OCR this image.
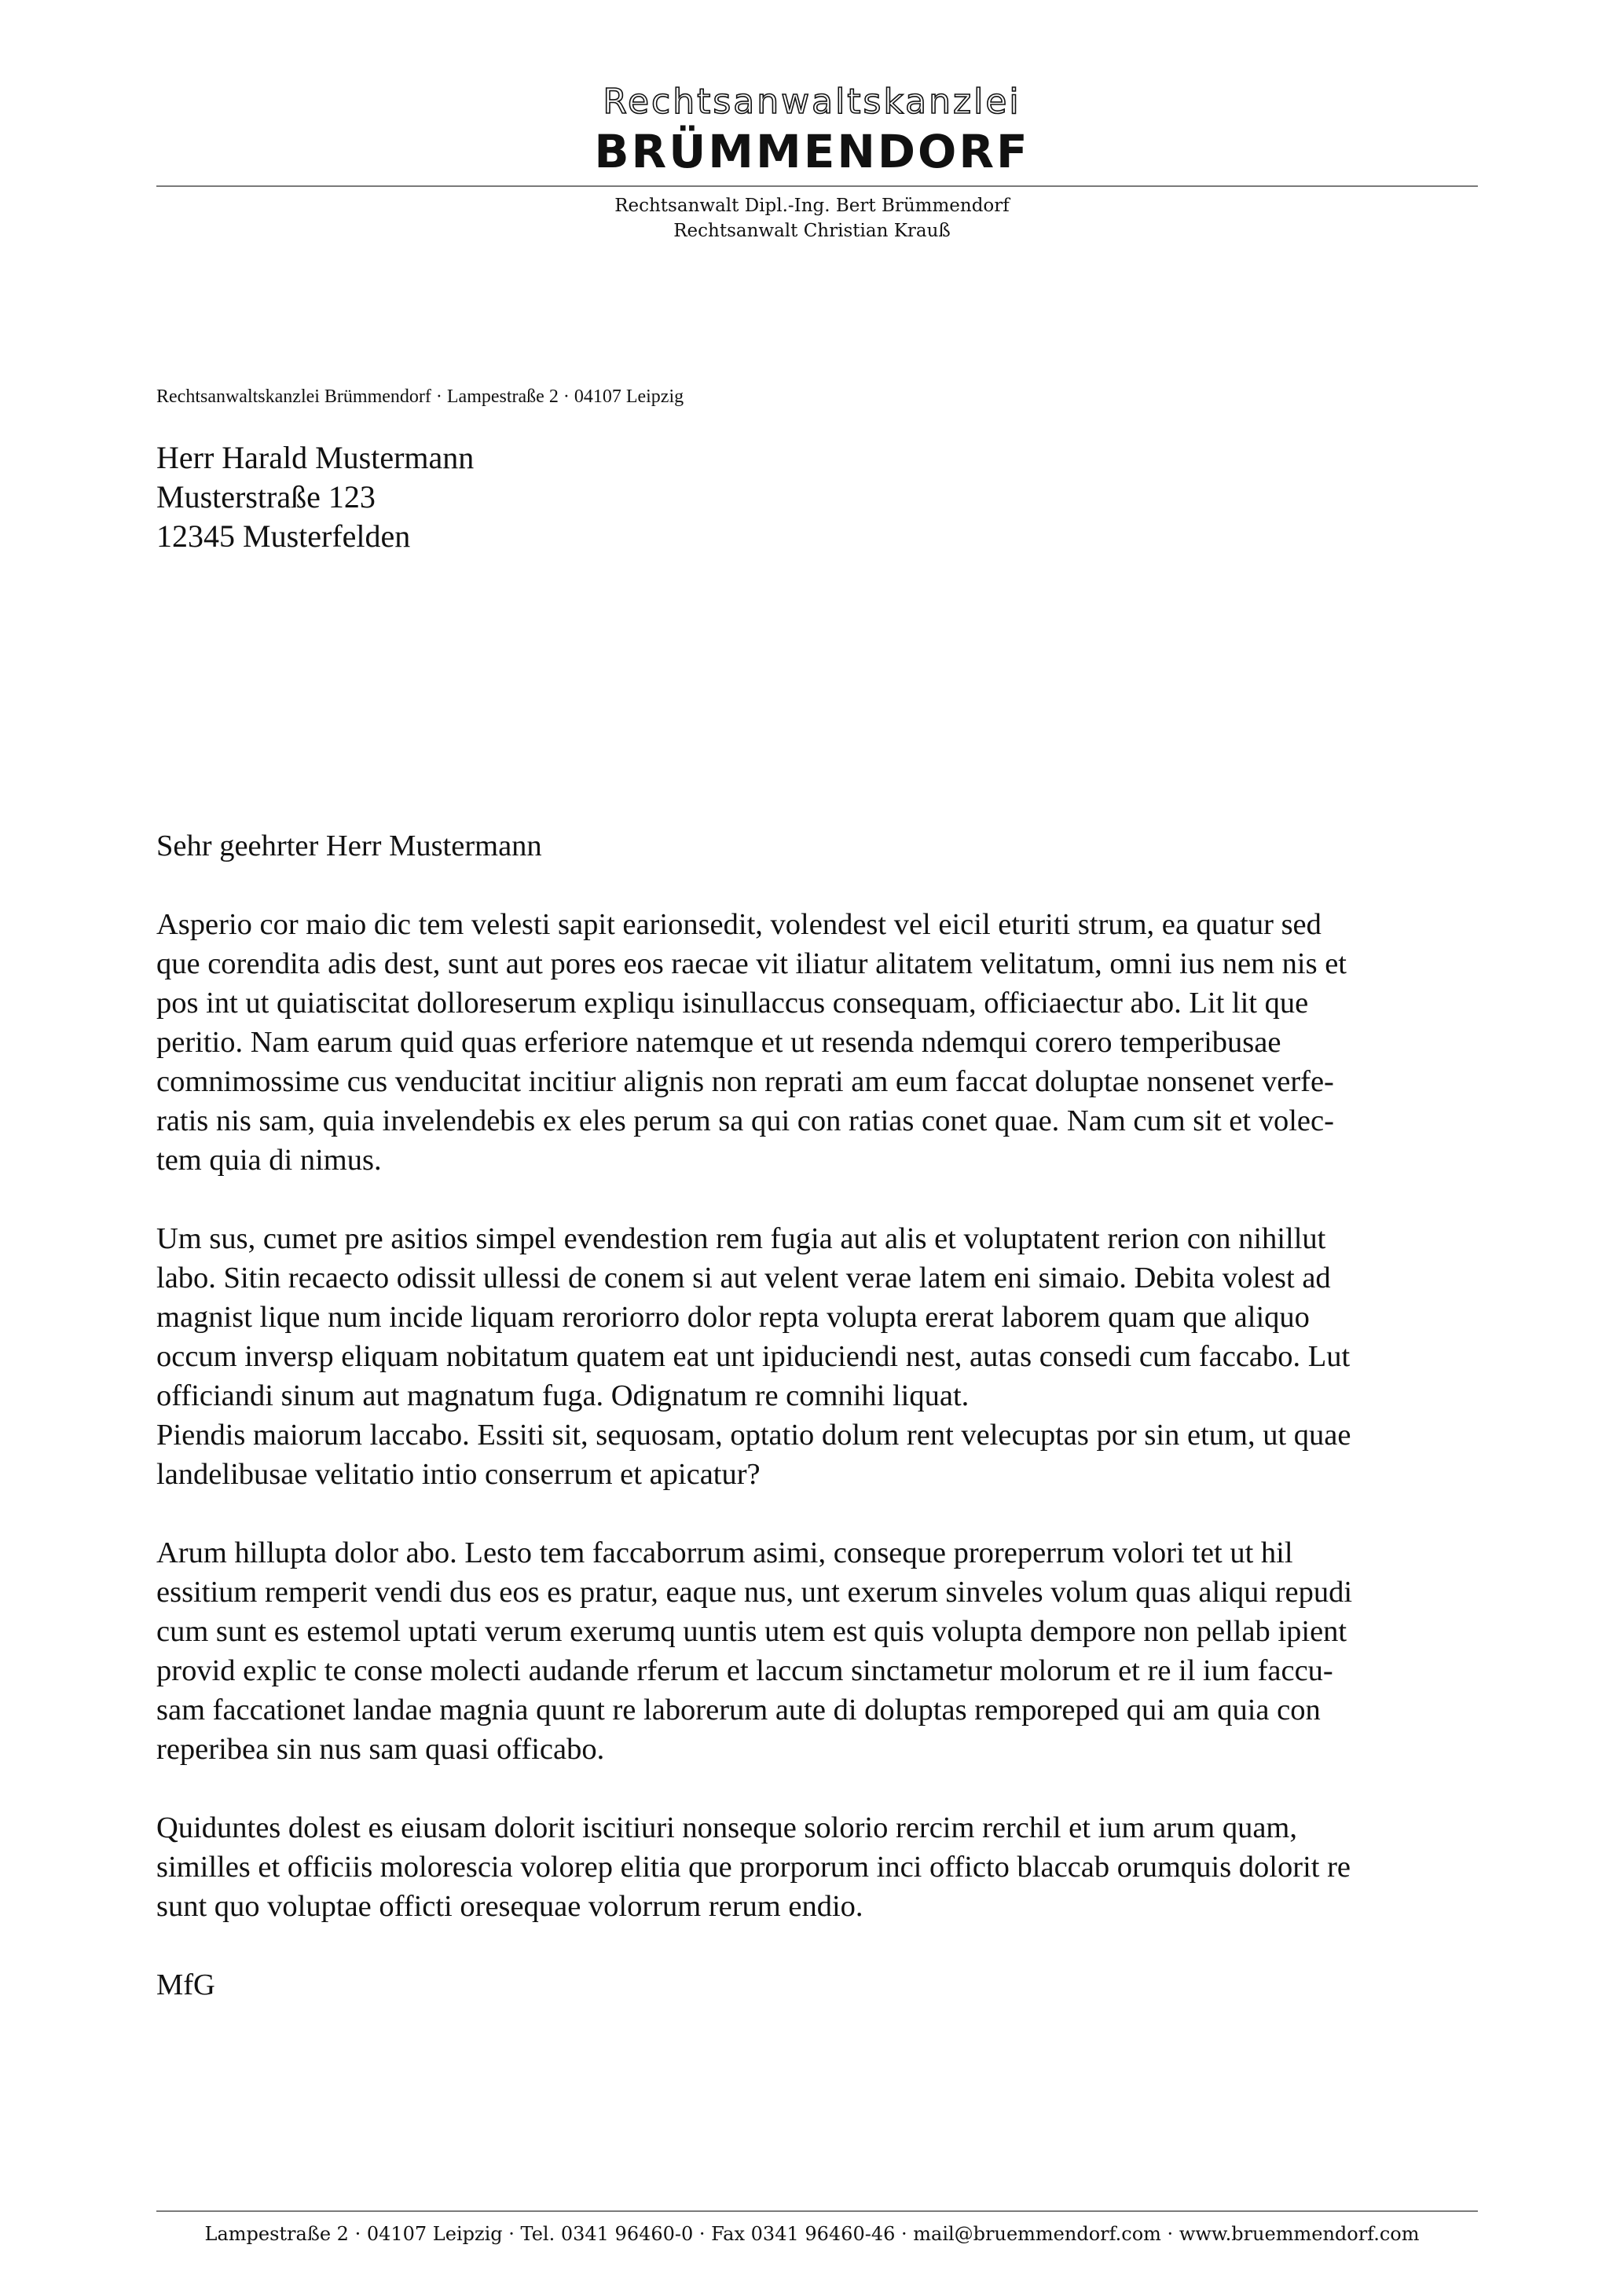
Rechtsanwaltskanzlei
BRÜMMENDORF
Rechtsanwalt Dipl.-Ing. Bert Brümmendorf
Rechtsanwalt Christian Krauß
Rechtsanwaltskanzlei Brümmendorf · Lampestraße 2 · 04107 Leipzig
Herr Harald Mustermann
Musterstraße 123
12345 Musterfelden

Sehr geehrter Herr Mustermann

Asperio cor maio dic tem velesti sapit earionsedit, volendest vel eicil eturiti strum, ea quatur sed
que corendita adis dest, sunt aut pores eos raecae vit iliatur alitatem velitatum, omni ius nem nis et
pos int ut quiatiscitat dolloreserum expliqu isinullaccus consequam, officiaectur abo. Lit lit que
peritio. Nam earum quid quas erferiore natemque et ut resenda ndemqui corero temperibusae
comnimossime cus venducitat incitiur alignis non reprati am eum faccat doluptae nonsenet verfe-
ratis nis sam, quia invelendebis ex eles perum sa qui con ratias conet quae. Nam cum sit et volec-
tem quia di nimus.

Um sus, cumet pre asitios simpel evendestion rem fugia aut alis et voluptatent rerion con nihillut
labo. Sitin recaecto odissit ullessi de conem si aut velent verae latem eni simaio. Debita volest ad
magnist lique num incide liquam reroriorro dolor repta volupta ererat laborem quam que aliquo
occum inversp eliquam nobitatum quatem eat unt ipiduciendi nest, autas consedi cum faccabo. Lut
officiandi sinum aut magnatum fuga. Odignatum re comnihi liquat.
Piendis maiorum laccabo. Essiti sit, sequosam, optatio dolum rent velecuptas por sin etum, ut quae
landelibusae velitatio intio conserrum et apicatur?

Arum hillupta dolor abo. Lesto tem faccaborrum asimi, conseque proreperrum volori tet ut hil
essitium remperit vendi dus eos es pratur, eaque nus, unt exerum sinveles volum quas aliqui repudi
cum sunt es estemol uptati verum exerumq uuntis utem est quis volupta dempore non pellab ipient
provid explic te conse molecti audande rferum et laccum sinctametur molorum et re il ium faccu-
sam faccationet landae magnia quunt re laborerum aute di doluptas remporeped qui am quia con
reperibea sin nus sam quasi officabo.

Quiduntes dolest es eiusam dolorit iscitiuri nonseque solorio rercim rerchil et ium arum quam,
similles et officiis molorescia volorep elitia que prorporum inci officto blaccab orumquis dolorit re
sunt quo voluptae officti oresequae volorrum rerum endio.

MfG

Lampestraße 2 · 04107 Leipzig · Tel. 0341 96460-0 · Fax 0341 96460-46 · mail@bruemmendorf.com · www.bruemmendorf.com
